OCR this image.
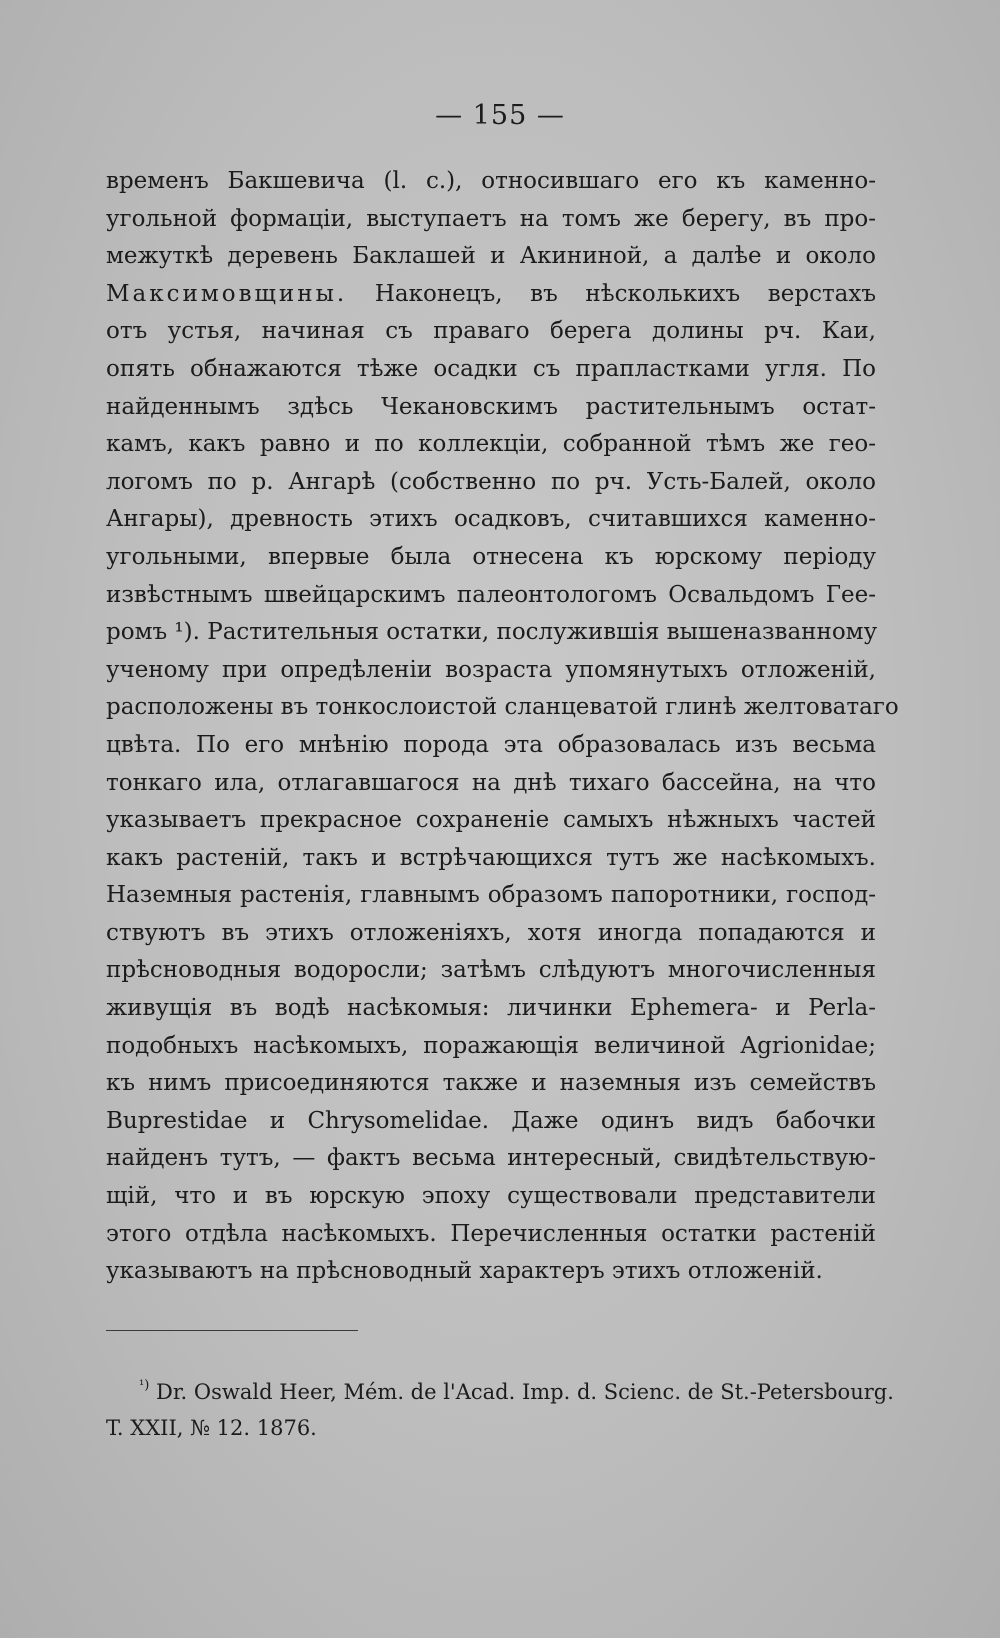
— 155 —
временъ Бакшевича (l. c.), относившаго его къ каменно-
угольной формаціи, выступаетъ на томъ же берегу, въ про-
межуткѣ деревень Баклашей и Акининой, а далѣе и около
Максимовщины. Наконецъ, въ нѣсколькихъ верстахъ
отъ устья, начиная съ праваго берега долины рч. Каи,
опять обнажаются тѣже осадки съ прапластками угля. По
найденнымъ здѣсь Чекановскимъ растительнымъ остат-
камъ, какъ равно и по коллекціи, собранной тѣмъ же гео-
логомъ по р. Ангарѣ (собственно по рч. Усть-Балей, около
Ангары), древность этихъ осадковъ, считавшихся каменно-
угольными, впервые была отнесена къ юрскому періоду
извѣстнымъ швейцарскимъ палеонтологомъ Освальдомъ Гее-
ромъ ¹). Растительныя остатки, послужившія вышеназванному
ученому при опредѣленіи возраста упомянутыхъ отложеній,
расположены въ тонкослоистой сланцеватой глинѣ желтоватаго
цвѣта. По его мнѣнію порода эта образовалась изъ весьма
тонкаго ила, отлагавшагося на днѣ тихаго бассейна, на что
указываетъ прекрасное сохраненіе самыхъ нѣжныхъ частей
какъ растеній, такъ и встрѣчающихся тутъ же насѣкомыхъ.
Наземныя растенія, главнымъ образомъ папоротники, господ-
ствуютъ въ этихъ отложеніяхъ, хотя иногда попадаются и
прѣсноводныя водоросли; затѣмъ слѣдуютъ многочисленныя
живущія въ водѣ насѣкомыя: личинки Ephemera- и Perla-
подобныхъ насѣкомыхъ, поражающія величиной Agrionidae;
къ нимъ присоединяются также и наземныя изъ семействъ
Buprestidae и Chrysomelidae. Даже одинъ видъ бабочки
найденъ тутъ, — фактъ весьма интересный, свидѣтельствую-
щій, что и въ юрскую эпоху существовали представители
этого отдѣла насѣкомыхъ. Перечисленныя остатки растеній
указываютъ на прѣсноводный характеръ этихъ отложеній.
$^{^1)}$ Dr. Oswald Heer, Mém. de l'Acad. Imp. d. Scienc. de St.-Petersbourg.
T. XXII, № 12. 1876.
